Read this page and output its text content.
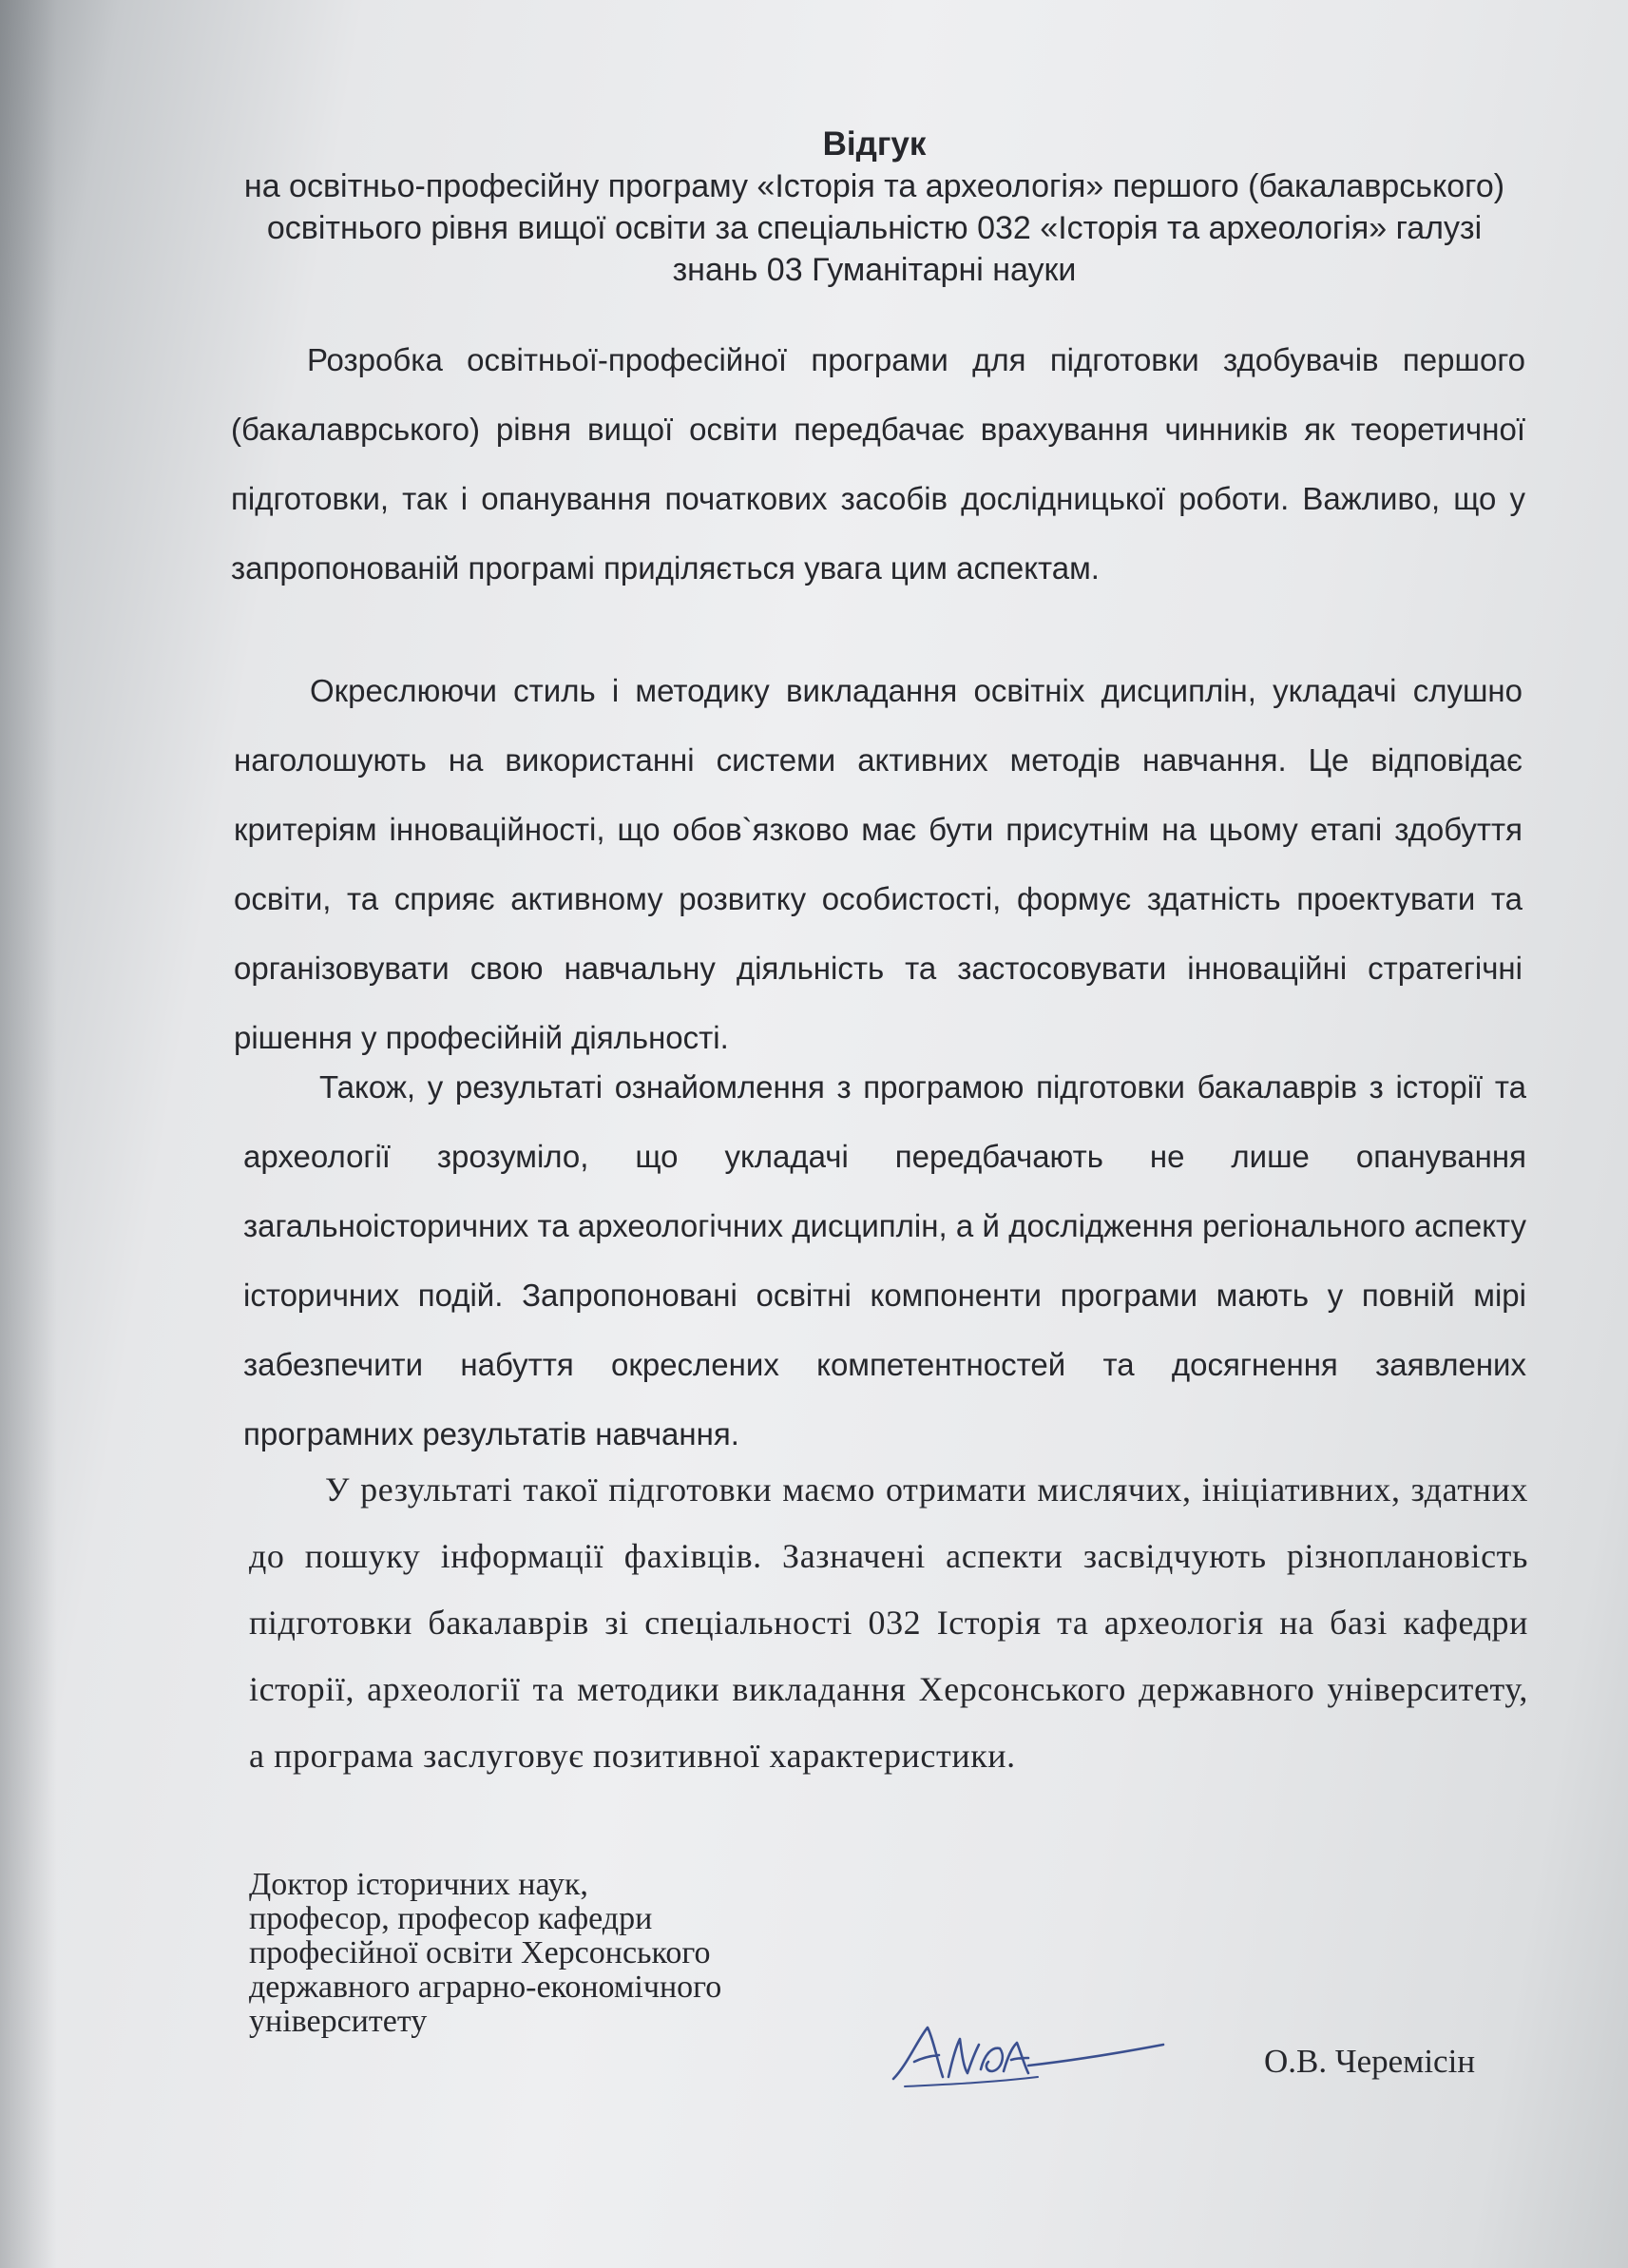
Відгук
на освітньо-професійну програму «Історія та археологія» першого (бакалаврського) освітнього рівня вищої освіти за спеціальністю 032 «Історія та археологія» галузі знань 03 Гуманітарні науки

Розробка освітньої-професійної програми для підготовки здобувачів першого (бакалаврського) рівня вищої освіти передбачає врахування чинників як теоретичної підготовки, так і опанування початкових засобів дослідницької роботи. Важливо, що у запропонованій програмі приділяється увага цим аспектам.

Окреслюючи стиль і методику викладання освітніх дисциплін, укладачі слушно наголошують на використанні системи активних методів навчання. Це відповідає критеріям інноваційності, що обов`язково має бути присутнім на цьому етапі здобуття освіти, та сприяє активному розвитку особистості, формує здатність проектувати та організовувати свою навчальну діяльність та застосовувати інноваційні стратегічні рішення у професійній діяльності.

Також, у результаті ознайомлення з програмою підготовки бакалаврів з історії та археології зрозуміло, що укладачі передбачають не лише опанування загальноісторичних та археологічних дисциплін, а й дослідження регіонального аспекту історичних подій. Запропоновані освітні компоненти програми мають у повній мірі забезпечити набуття окреслених компетентностей та досягнення заявлених програмних результатів навчання.

У результаті такої підготовки маємо отримати мислячих, ініціативних, здатних до пошуку інформації фахівців. Зазначені аспекти засвідчують різноплановість підготовки бакалаврів зі спеціальності 032 Історія та археологія на базі кафедри історії, археології та методики викладання Херсонського державного університету, а програма заслуговує позитивної характеристики.

Доктор історичних наук,
професор, професор кафедри
професійної освіти Херсонського
державного аграрно-економічного
університету
О.В. Черемісін
